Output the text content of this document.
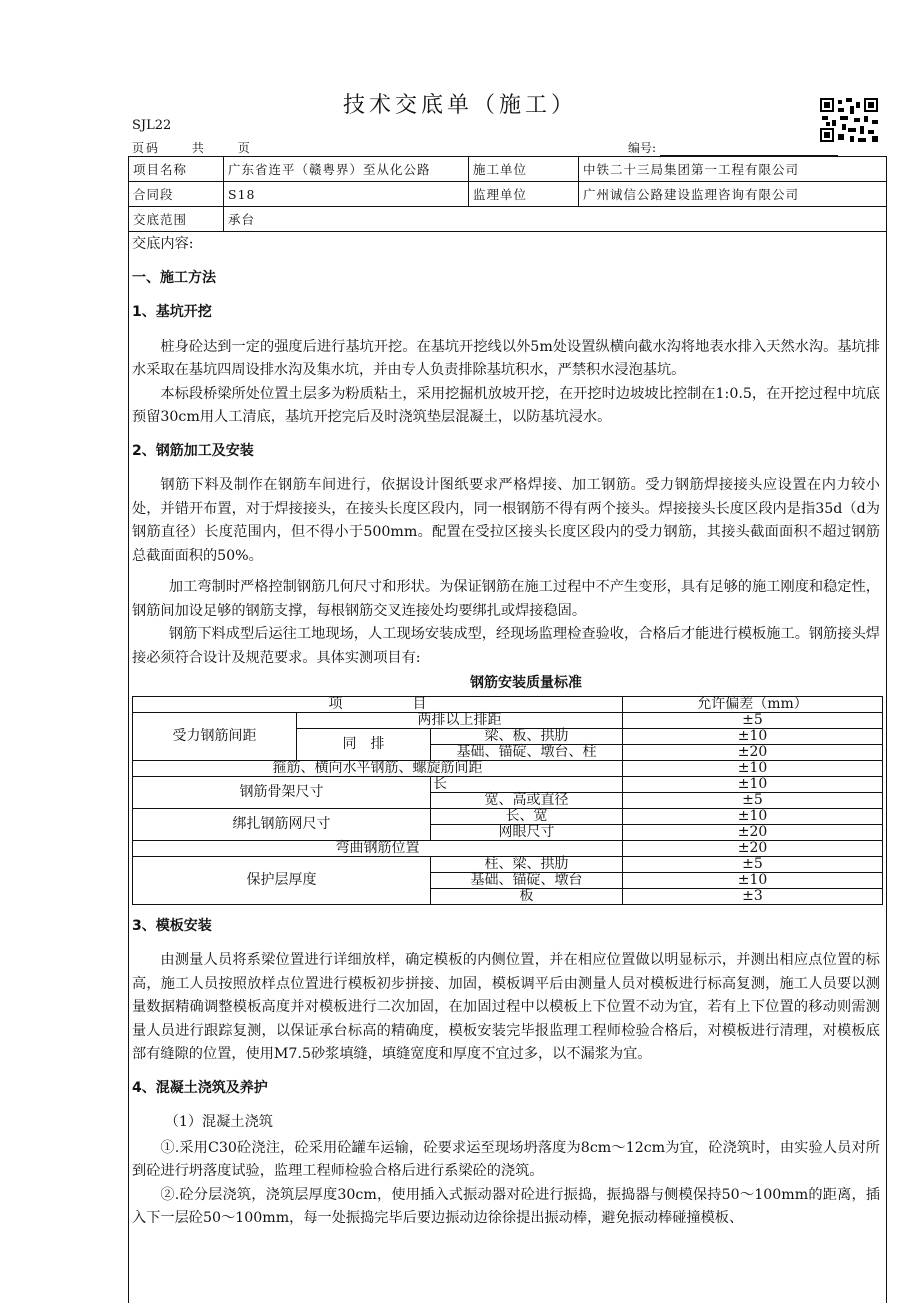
技术交底单（施工）
SJL22
页码	共	页	编号:
项目名称	广东省连平（赣粤界）至从化公路	施工单位	中铁二十三局集团第一工程有限公司
合同段	S18	监理单位	广州诚信公路建设监理咨询有限公司
交底范围	承台		

交底内容:

一、施工方法

1、基坑开挖

桩身砼达到一定的强度后进行基坑开挖。在基坑开挖线以外5m处设置纵横向截水沟将地表水排入天然水沟。基坑排水采取在基坑四周设排水沟及集水坑，并由专人负责排除基坑积水，严禁积水浸泡基坑。

本标段桥梁所处位置土层多为粉质粘土，采用挖掘机放坡开挖，在开挖时边坡坡比控制在1:0.5，在开挖过程中坑底预留30cm用人工清底，基坑开挖完后及时浇筑垫层混凝土，以防基坑浸水。

2、钢筋加工及安装

钢筋下料及制作在钢筋车间进行，依据设计图纸要求严格焊接、加工钢筋。受力钢筋焊接接头应设置在内力较小处，并错开布置，对于焊接接头，在接头长度区段内，同一根钢筋不得有两个接头。焊接接头长度区段内是指35d（d为钢筋直径）长度范围内，但不得小于500mm。配置在受拉区接头长度区段内的受力钢筋，其接头截面面积不超过钢筋总截面面积的50%。

加工弯制时严格控制钢筋几何尺寸和形状。为保证钢筋在施工过程中不产生变形，具有足够的施工刚度和稳定性，钢筋间加设足够的钢筋支撑，每根钢筋交叉连接处均要绑扎或焊接稳固。

钢筋下料成型后运往工地现场，人工现场安装成型，经现场监理检查验收，合格后才能进行模板施工。钢筋接头焊接必须符合设计及规范要求。具体实测项目有:

钢筋安装质量标准
项　　　　　目			允许偏差（mm）
受力钢筋间距	两排以上排距		±5
	同　排	梁、板、拱肋	±10
		基础、锚碇、墩台、柱	±20
箍筋、横向水平钢筋、螺旋筋间距			±10
钢筋骨架尺寸		长	±10
		宽、高或直径	±5
绑扎钢筋网尺寸		长、宽	±10
		网眼尺寸	±20
弯曲钢筋位置			±20
保护层厚度		柱、梁、拱肋	±5
		基础、锚碇、墩台	±10
		板	±3

3、模板安装

由测量人员将系梁位置进行详细放样，确定模板的内侧位置，并在相应位置做以明显标示，并测出相应点位置的标高，施工人员按照放样点位置进行模板初步拼接、加固，模板调平后由测量人员对模板进行标高复测，施工人员要以测量数据精确调整模板高度并对模板进行二次加固，在加固过程中以模板上下位置不动为宜，若有上下位置的移动则需测量人员进行跟踪复测，以保证承台标高的精确度，模板安装完毕报监理工程师检验合格后，对模板进行清理，对模板底部有缝隙的位置，使用M7.5砂浆填缝，填缝宽度和厚度不宜过多，以不漏浆为宜。

4、混凝土浇筑及养护

（1）混凝土浇筑

①.采用C30砼浇注，砼采用砼罐车运输，砼要求运至现场坍落度为8cm～12cm为宜，砼浇筑时，由实验人员对所到砼进行坍落度试验，监理工程师检验合格后进行系梁砼的浇筑。

②.砼分层浇筑，浇筑层厚度30cm，使用插入式振动器对砼进行振捣，振捣器与侧模保持50～100mm的距离，插入下一层砼50～100mm，每一处振捣完毕后要边振动边徐徐提出振动棒，避免振动棒碰撞模板、
